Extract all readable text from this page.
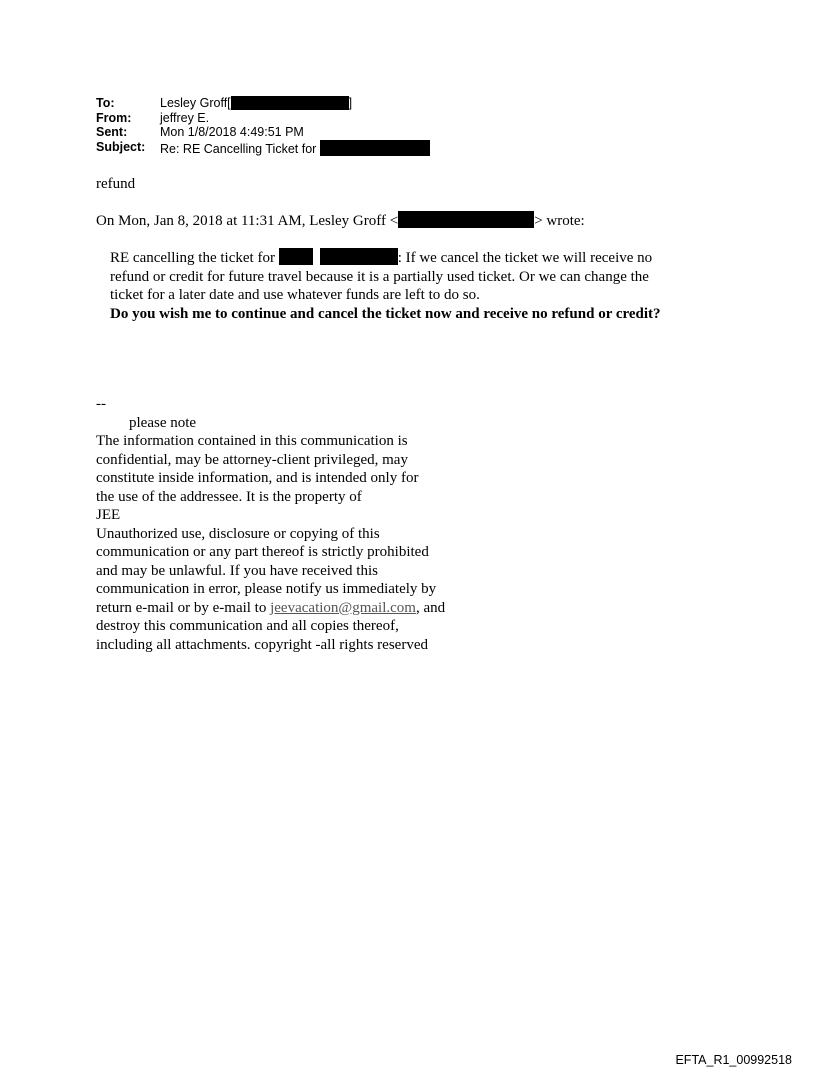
To:	Lesley Groff[	]
From:	jeffrey E.
Sent:	Mon 1/8/2018 4:49:51 PM
Subject:	Re: RE Cancelling Ticket for
refund
On Mon, Jan 8, 2018 at 11:31 AM, Lesley Groff <	> wrote:
RE cancelling the ticket for	: If we cancel the ticket we will receive no
refund or credit for future travel because it is a partially used ticket. Or we can change the
ticket for a later date and use whatever funds are left to do so.
Do you wish me to continue and cancel the ticket now and receive no refund or credit?
--
please note
The information contained in this communication is
confidential, may be attorney-client privileged, may
constitute inside information, and is intended only for
the use of the addressee. It is the property of
JEE
Unauthorized use, disclosure or copying of this
communication or any part thereof is strictly prohibited
and may be unlawful. If you have received this
communication in error, please notify us immediately by
return e-mail or by e-mail to jeevacation@gmail.com, and
destroy this communication and all copies thereof,
including all attachments. copyright -all rights reserved
EFTA_R1_00992518
